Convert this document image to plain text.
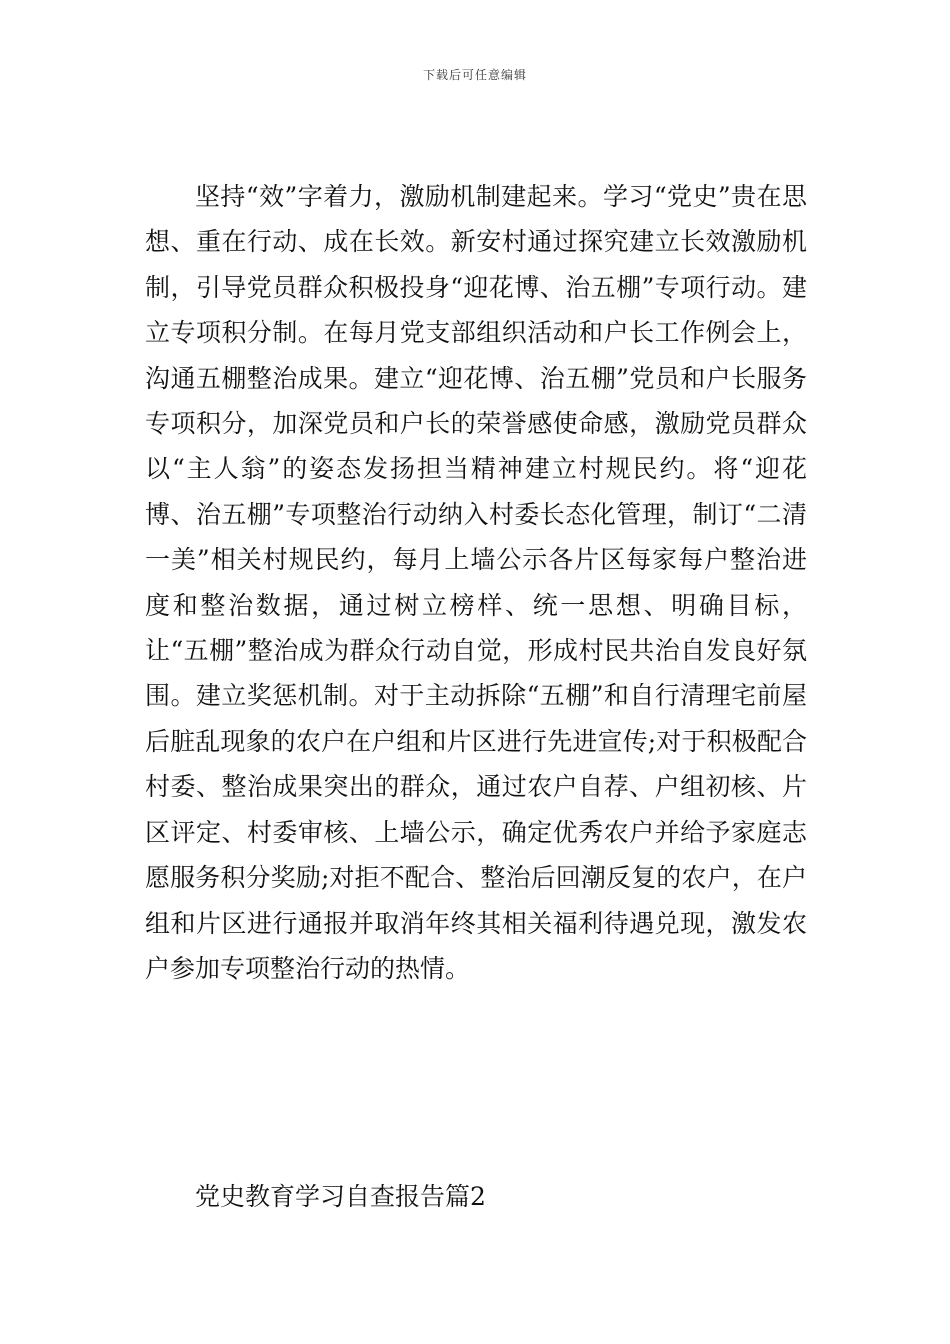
下载后可任意编辑

坚持“效”字着力，激励机制建起来。学习“党史”贵在思想、重在行动、成在长效。新安村通过探究建立长效激励机制，引导党员群众积极投身“迎花博、治五棚”专项行动。建立专项积分制。在每月党支部组织活动和户长工作例会上，沟通五棚整治成果。建立“迎花博、治五棚”党员和户长服务专项积分，加深党员和户长的荣誉感使命感，激励党员群众以“主人翁”的姿态发扬担当精神建立村规民约。将“迎花博、治五棚”专项整治行动纳入村委长态化管理，制订“二清一美”相关村规民约，每月上墙公示各片区每家每户整治进度和整治数据，通过树立榜样、统一思想、明确目标，让“五棚”整治成为群众行动自觉，形成村民共治自发良好氛围。建立奖惩机制。对于主动拆除“五棚”和自行清理宅前屋后脏乱现象的农户在户组和片区进行先进宣传;对于积极配合村委、整治成果突出的群众，通过农户自荐、户组初核、片区评定、村委审核、上墙公示，确定优秀农户并给予家庭志愿服务积分奖励;对拒不配合、整治后回潮反复的农户，在户组和片区进行通报并取消年终其相关福利待遇兑现，激发农户参加专项整治行动的热情。

党史教育学习自查报告篇2
